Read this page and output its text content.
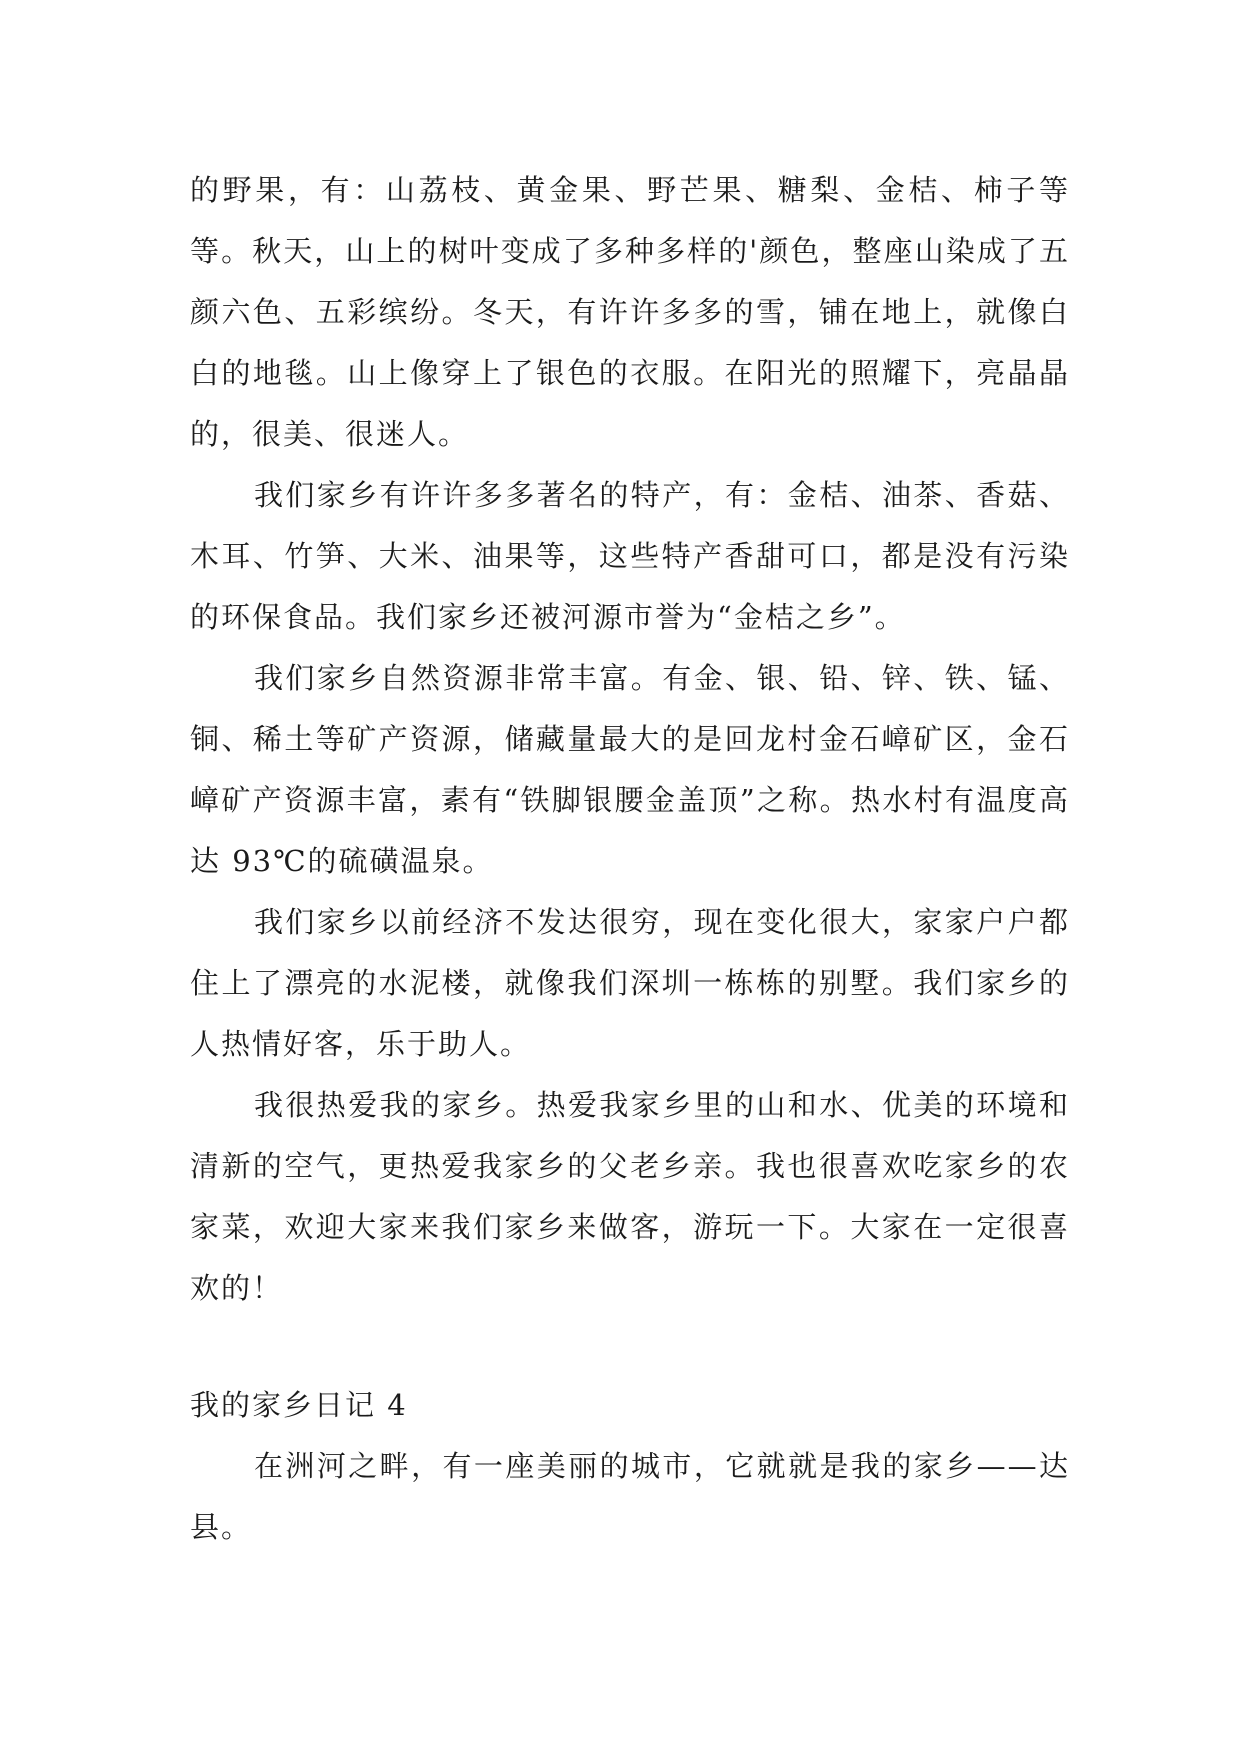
的野果，有：山荔枝、黄金果、野芒果、糖梨、金桔、柿子等等。秋天，山上的树叶变成了多种多样的'颜色，整座山染成了五颜六色、五彩缤纷。冬天，有许许多多的雪，铺在地上，就像白白的地毯。山上像穿上了银色的衣服。在阳光的照耀下，亮晶晶的，很美、很迷人。

我们家乡有许许多多著名的特产，有：金桔、油茶、香菇、木耳、竹笋、大米、油果等，这些特产香甜可口，都是没有污染的环保食品。我们家乡还被河源市誉为“金桔之乡”。

我们家乡自然资源非常丰富。有金、银、铅、锌、铁、锰、铜、稀土等矿产资源，储藏量最大的是回龙村金石嶂矿区，金石嶂矿产资源丰富，素有“铁脚银腰金盖顶”之称。热水村有温度高达 93℃的硫磺温泉。

我们家乡以前经济不发达很穷，现在变化很大，家家户户都住上了漂亮的水泥楼，就像我们深圳一栋栋的别墅。我们家乡的人热情好客，乐于助人。

我很热爱我的家乡。热爱我家乡里的山和水、优美的环境和清新的空气，更热爱我家乡的父老乡亲。我也很喜欢吃家乡的农家菜，欢迎大家来我们家乡来做客，游玩一下。大家在一定很喜欢的！

我的家乡日记 4

在洲河之畔，有一座美丽的城市，它就就是我的家乡——达县。
